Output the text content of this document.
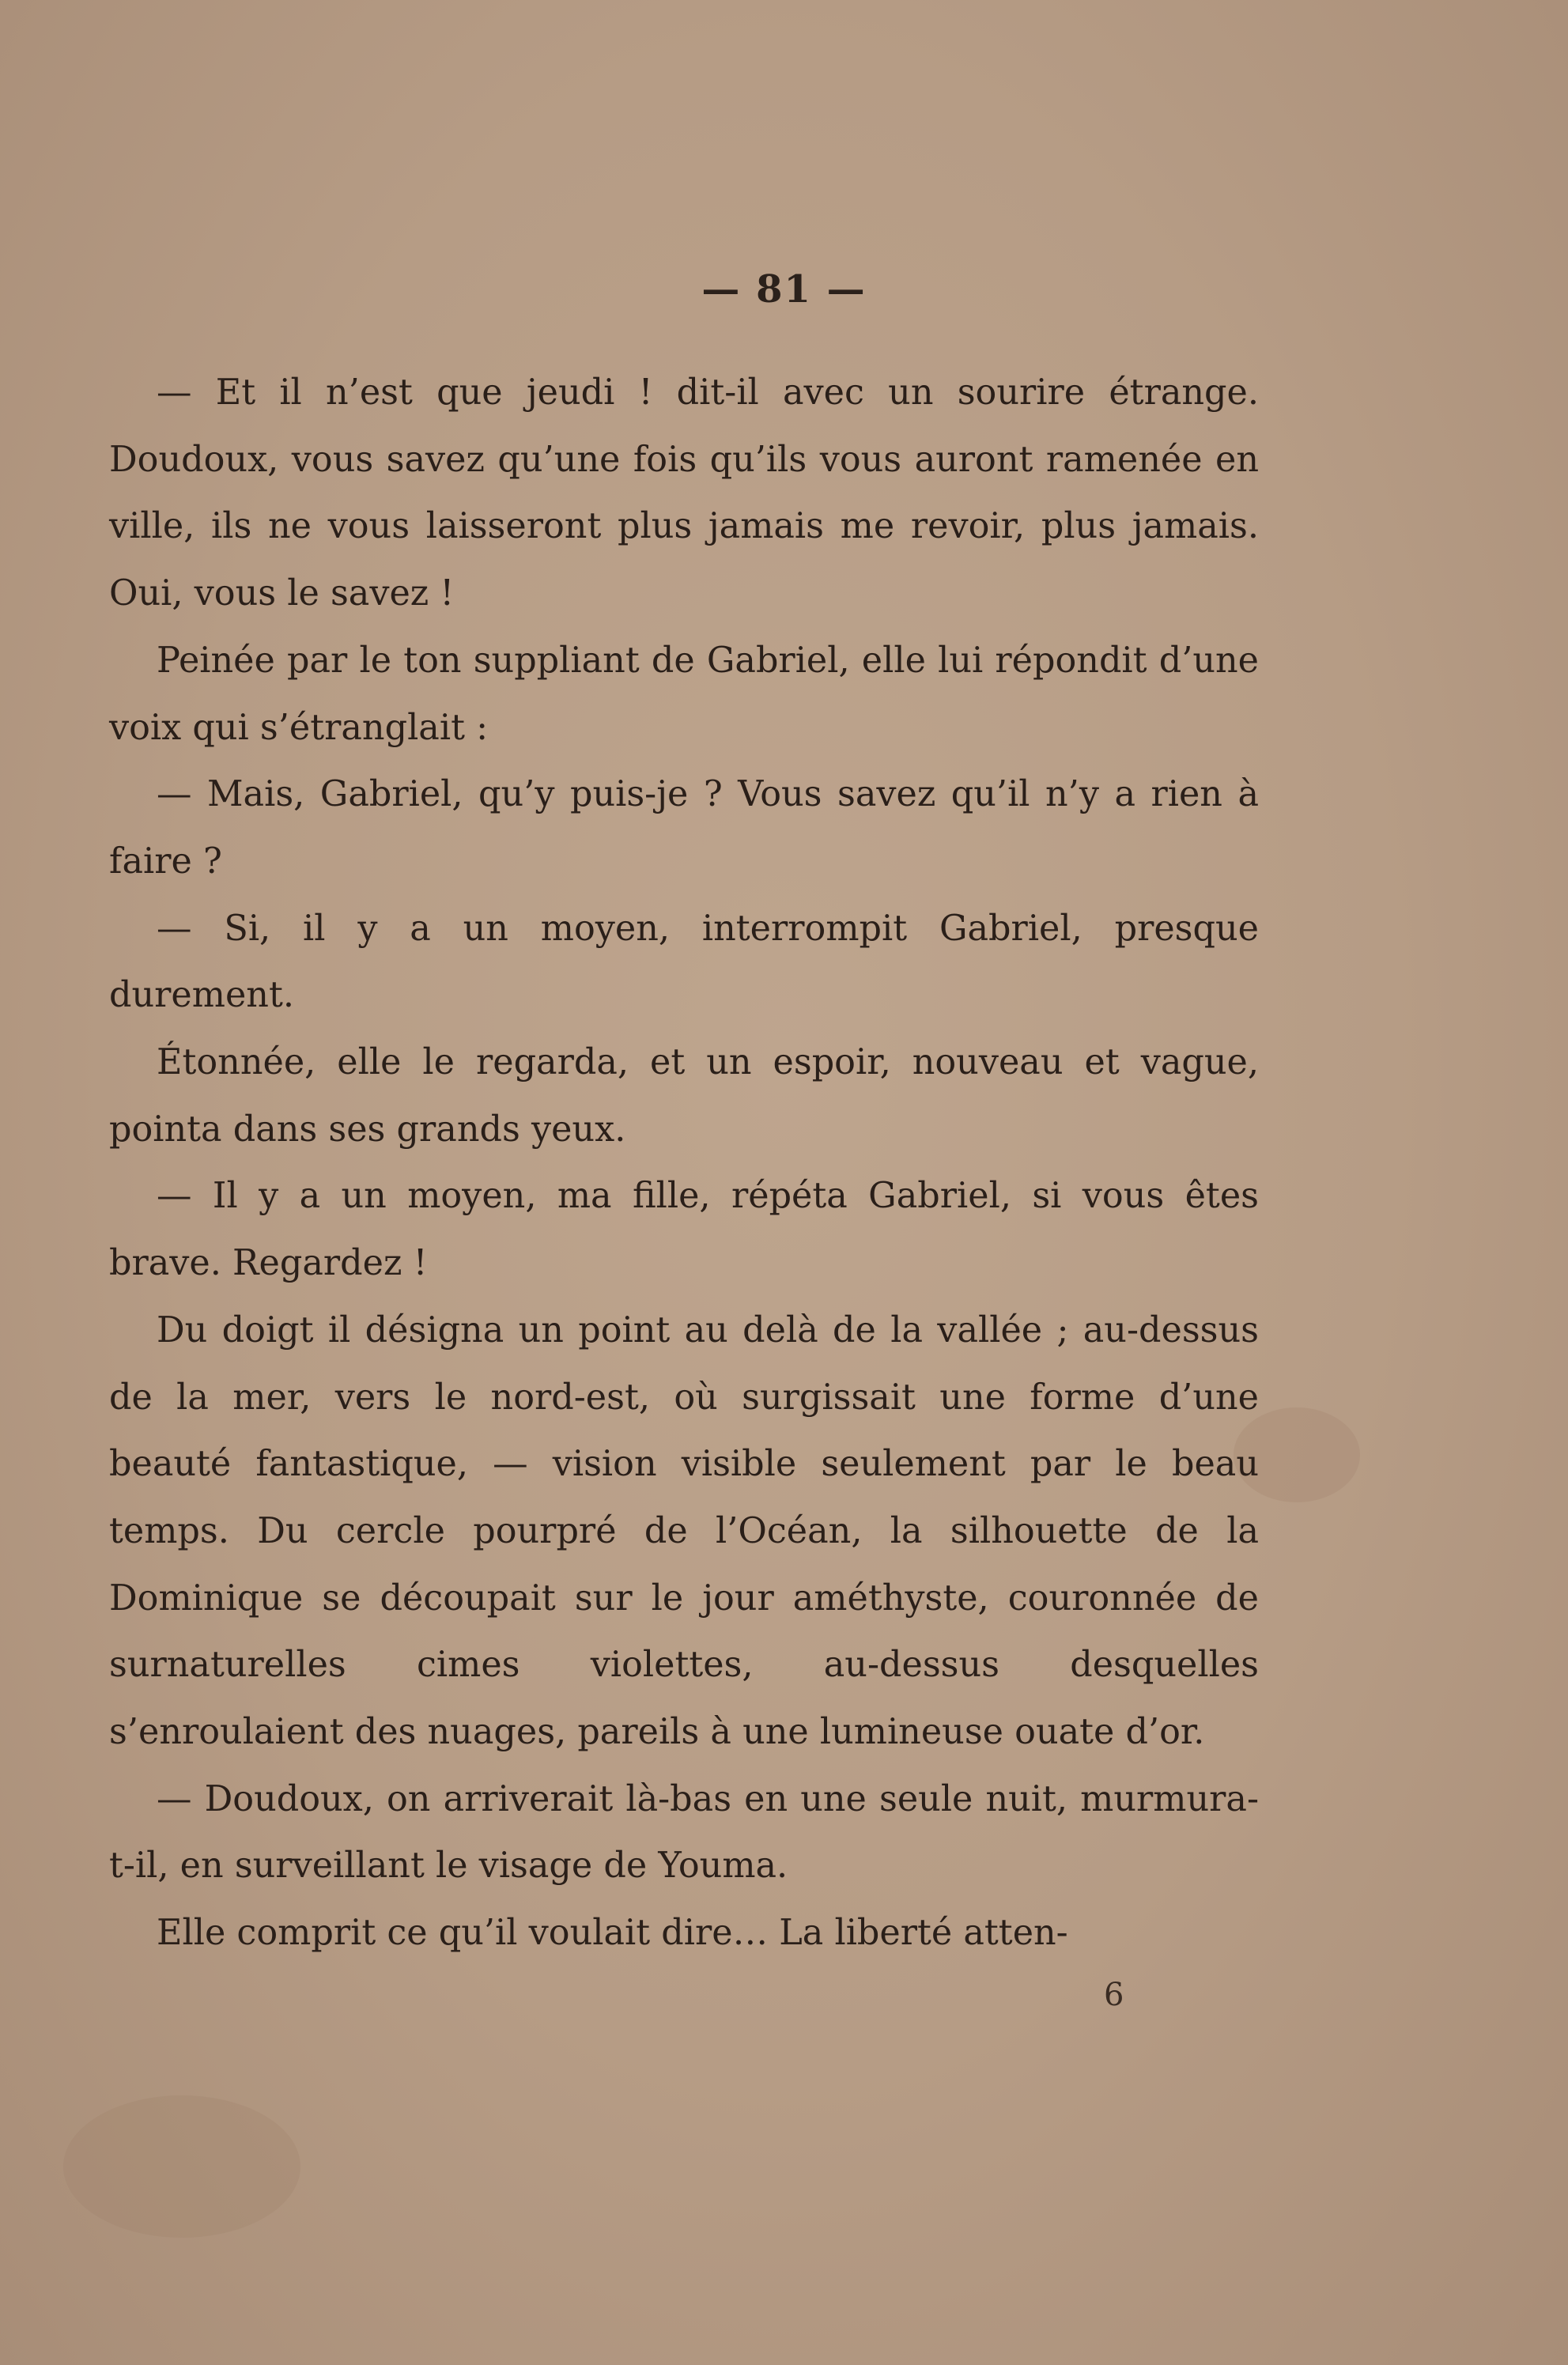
— 81 —

— Et il n’est que jeudi ! dit-il avec un sourire étrange. Doudoux, vous savez qu’une fois qu’ils vous auront ramenée en ville, ils ne vous laisseront plus jamais me revoir, plus jamais. Oui, vous le savez !

Peinée par le ton suppliant de Gabriel, elle lui répondit d’une voix qui s’étranglait :

— Mais, Gabriel, qu’y puis-je ? Vous savez qu’il n’y a rien à faire ?

— Si, il y a un moyen, interrompit Gabriel, presque durement.

Étonnée, elle le regarda, et un espoir, nouveau et vague, pointa dans ses grands yeux.

— Il y a un moyen, ma fille, répéta Gabriel, si vous êtes brave. Regardez !

Du doigt il désigna un point au delà de la vallée ; au-dessus de la mer, vers le nord-est, où surgissait une forme d’une beauté fantastique, — vision visible seulement par le beau temps. Du cercle pourpré de l’Océan, la silhouette de la Dominique se découpait sur le jour améthyste, couronnée de surnaturelles cimes violettes, au-dessus desquelles s’enroulaient des nuages, pareils à une lumineuse ouate d’or.

— Doudoux, on arriverait là-bas en une seule nuit, murmura-t-il, en surveillant le visage de Youma.

Elle comprit ce qu’il voulait dire… La liberté atten-

6
